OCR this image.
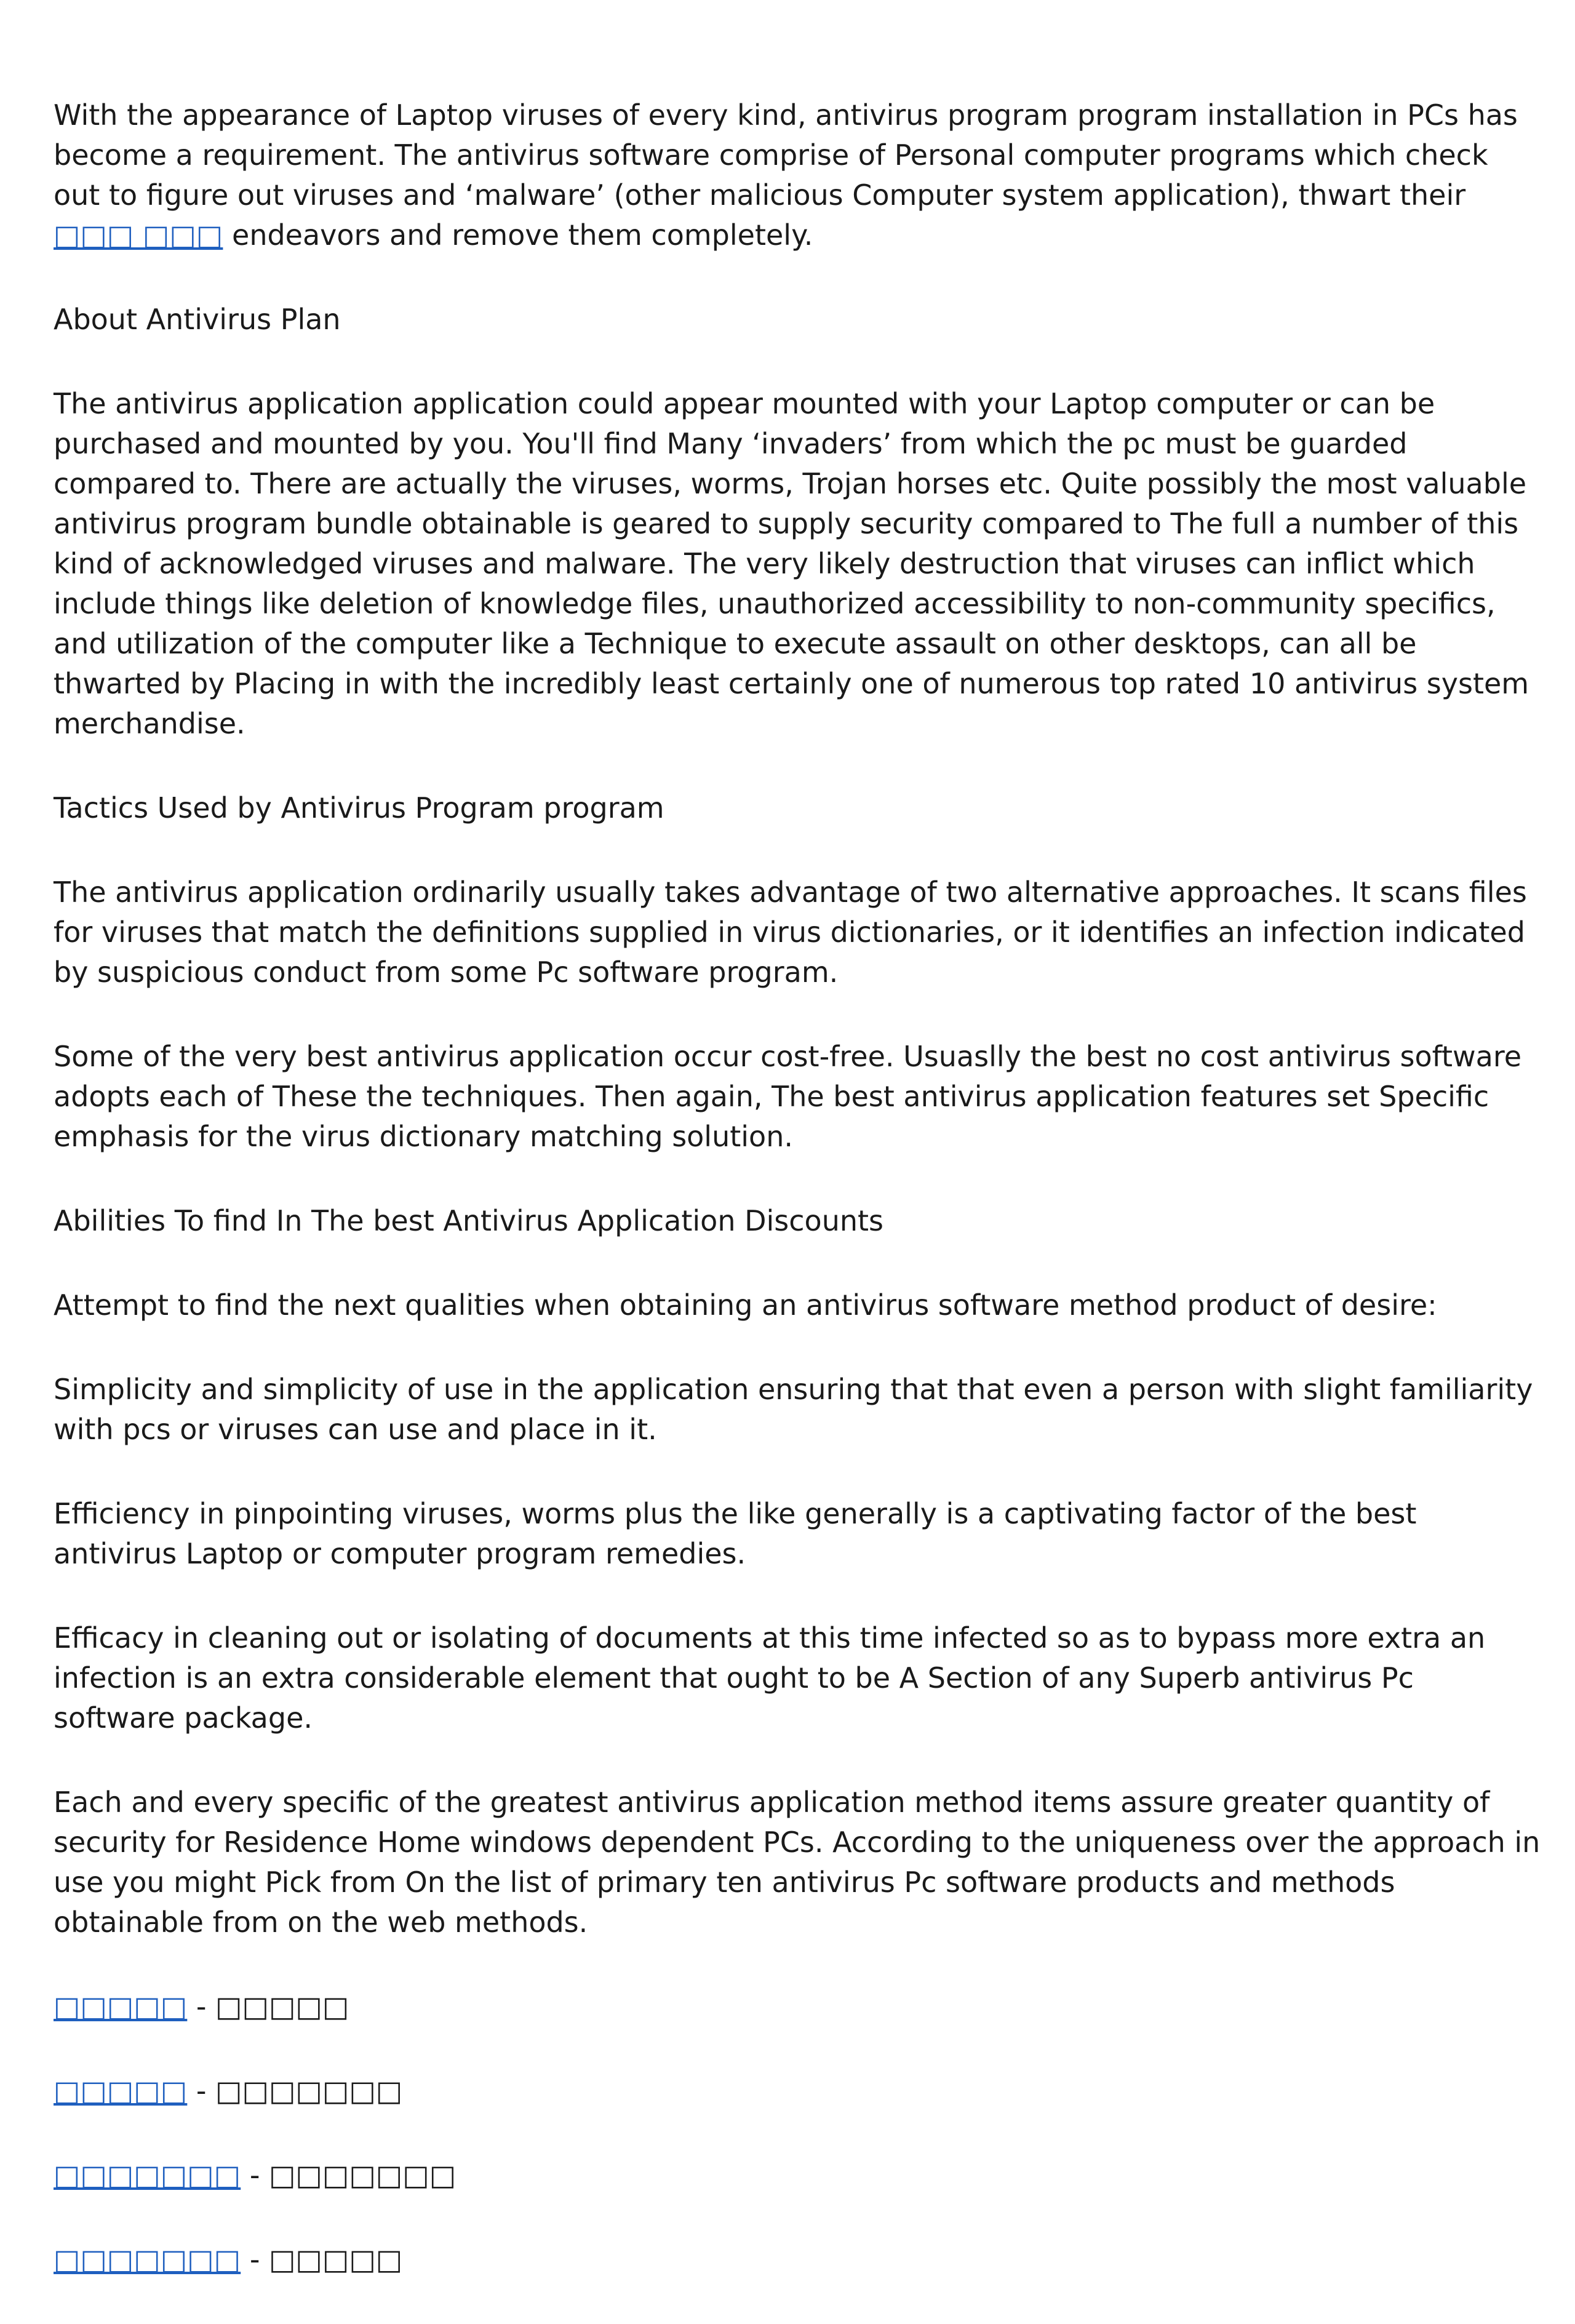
With the appearance of Laptop viruses of every kind, antivirus program program installation in PCs has become a requirement. The antivirus software comprise of Personal computer programs which check out to figure out viruses and ‘malware’ (other malicious Computer system application), thwart their □□□ □□□ endeavors and remove them completely.

About Antivirus Plan

The antivirus application application could appear mounted with your Laptop computer or can be purchased and mounted by you. You'll find Many ‘invaders’ from which the pc must be guarded compared to. There are actually the viruses, worms, Trojan horses etc. Quite possibly the most valuable antivirus program bundle obtainable is geared to supply security compared to The full a number of this kind of acknowledged viruses and malware. The very likely destruction that viruses can inflict which include things like deletion of knowledge files, unauthorized accessibility to non-community specifics, and utilization of the computer like a Technique to execute assault on other desktops, can all be thwarted by Placing in with the incredibly least certainly one of numerous top rated 10 antivirus system merchandise.

Tactics Used by Antivirus Program program

The antivirus application ordinarily usually takes advantage of two alternative approaches. It scans files for viruses that match the definitions supplied in virus dictionaries, or it identifies an infection indicated by suspicious conduct from some Pc software program.

Some of the very best antivirus application occur cost-free. Usuaslly the best no cost antivirus software adopts each of These the techniques. Then again, The best antivirus application features set Specific emphasis for the virus dictionary matching solution.

Abilities To find In The best Antivirus Application Discounts

Attempt to find the next qualities when obtaining an antivirus software method product of desire:

Simplicity and simplicity of use in the application ensuring that that even a person with slight familiarity with pcs or viruses can use and place in it.

Efficiency in pinpointing viruses, worms plus the like generally is a captivating factor of the best antivirus Laptop or computer program remedies.

Efficacy in cleaning out or isolating of documents at this time infected so as to bypass more extra an infection is an extra considerable element that ought to be A Section of any Superb antivirus Pc software package.

Each and every specific of the greatest antivirus application method items assure greater quantity of security for Residence Home windows dependent PCs. According to the uniqueness over the approach in use you might Pick from On the list of primary ten antivirus Pc software products and methods obtainable from on the web methods.

□□□□□ - □□□□□
□□□□□ - □□□□□□□
□□□□□□□ - □□□□□□□
□□□□□□□ - □□□□□
